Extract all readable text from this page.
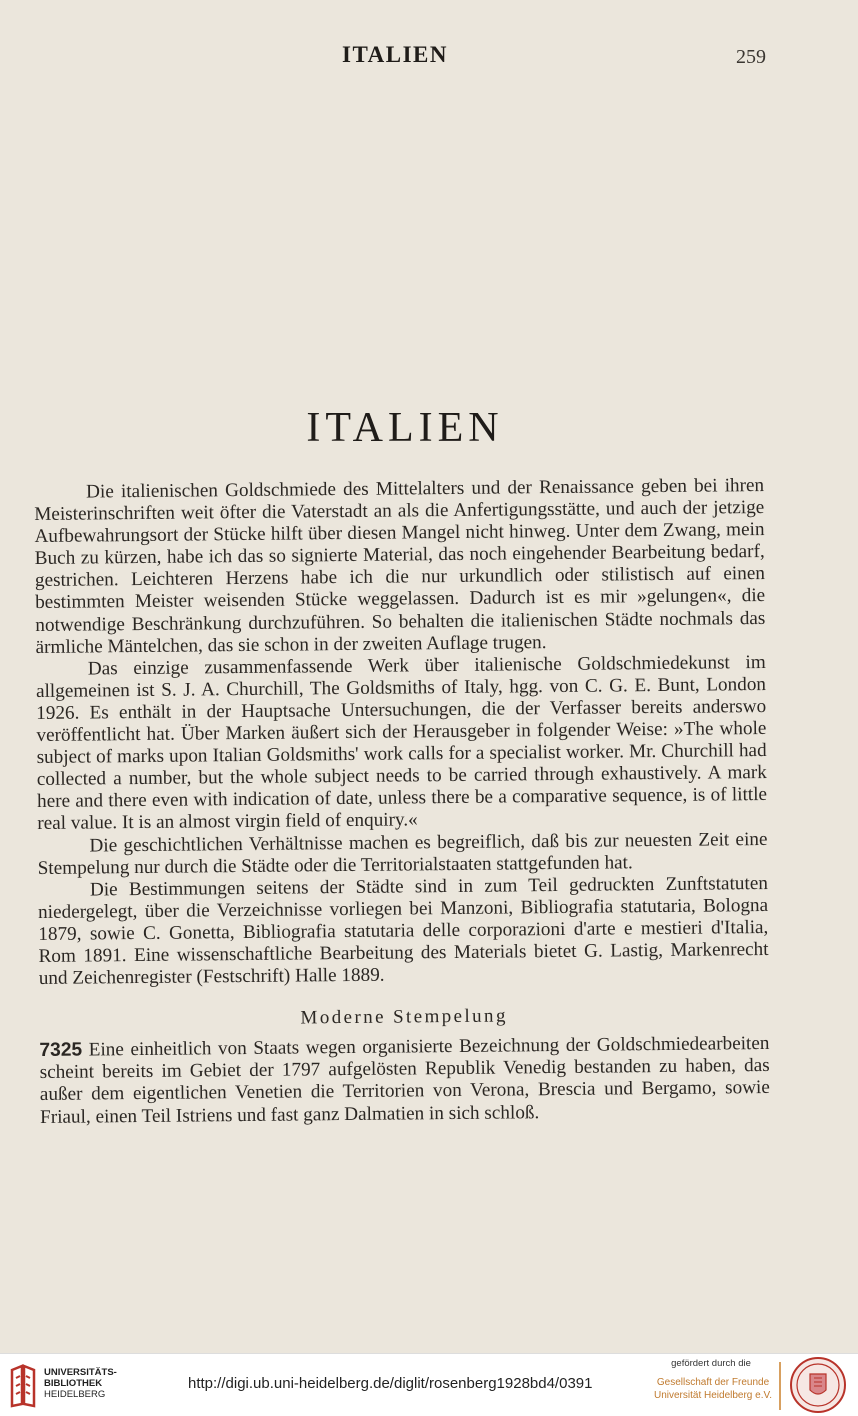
ITALIEN	259
ITALIEN

Die italienischen Goldschmiede des Mittelalters und der Renaissance geben bei ihren Meisterinschriften weit öfter die Vaterstadt an als die Anfertigungsstätte, und auch der jetzige Aufbewahrungsort der Stücke hilft über diesen Mangel nicht hinweg. Unter dem Zwang, mein Buch zu kürzen, habe ich das so signierte Material, das noch eingehender Bearbeitung bedarf, gestrichen. Leichteren Herzens habe ich die nur urkundlich oder stilistisch auf einen bestimmten Meister weisenden Stücke weggelassen. Dadurch ist es mir »gelungen«, die notwendige Beschränkung durchzuführen. So behalten die italienischen Städte nochmals das ärmliche Mäntelchen, das sie schon in der zweiten Auflage trugen.

Das einzige zusammenfassende Werk über italienische Goldschmiedekunst im allgemeinen ist S. J. A. Churchill, The Goldsmiths of Italy, hgg. von C. G. E. Bunt, London 1926. Es enthält in der Hauptsache Untersuchungen, die der Verfasser bereits anderswo veröffentlicht hat. Über Marken äußert sich der Herausgeber in folgender Weise: »The whole subject of marks upon Italian Goldsmiths' work calls for a specialist worker. Mr. Churchill had collected a number, but the whole subject needs to be carried through exhaustively. A mark here and there even with indication of date, unless there be a comparative sequence, is of little real value. It is an almost virgin field of enquiry.«

Die geschichtlichen Verhältnisse machen es begreiflich, daß bis zur neuesten Zeit eine Stempelung nur durch die Städte oder die Territorialstaaten stattgefunden hat.

Die Bestimmungen seitens der Städte sind in zum Teil gedruckten Zunftstatuten niedergelegt, über die Verzeichnisse vorliegen bei Manzoni, Bibliografia statutaria, Bologna 1879, sowie C. Gonetta, Bibliografia statutaria delle corporazioni d'arte e mestieri d'Italia, Rom 1891. Eine wissenschaftliche Bearbeitung des Materials bietet G. Lastig, Markenrecht und Zeichenregister (Festschrift) Halle 1889.

Moderne Stempelung

7325 Eine einheitlich von Staats wegen organisierte Bezeichnung der Goldschmiedearbeiten scheint bereits im Gebiet der 1797 aufgelösten Republik Venedig bestanden zu haben, das außer dem eigentlichen Venetien die Territorien von Verona, Brescia und Bergamo, sowie Friaul, einen Teil Istriens und fast ganz Dalmatien in sich schloß.

UNIVERSITÄTS-
BIBLIOTHEK
HEIDELBERG
http://digi.ub.uni-heidelberg.de/diglit/rosenberg1928bd4/0391
gefördert durch die
Gesellschaft der Freunde
Universität Heidelberg e.V.
